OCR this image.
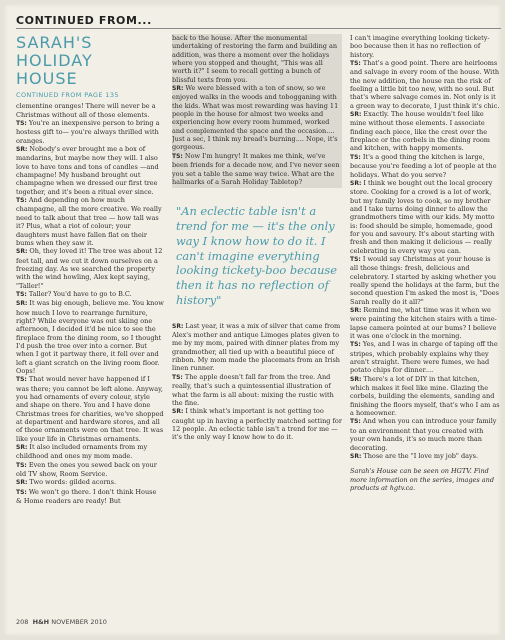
CONTINUED FROM...
SARAH'S
HOLIDAY
HOUSE
CONTINUED FROM PAGE 135
clementine oranges! There will never be a Christmas without all of those elements.
TS: You're an inexpensive person to bring a hostess gift to— you're always thrilled with oranges.
SR: Nobody's ever brought me a box of mandarins, but maybe now they will. I also love to have tons and tons of candles —and champagne! My husband brought out champagne when we dressed our first tree together, and it's been a ritual ever since.
TS: And depending on how much champagne, all the more creative. We really need to talk about that tree — how tall was it? Plus, what a riot of colour; your daughters must have fallen flat on their bums when they saw it.
SR: Oh, they loved it! The tree was about 12 feet tall, and we cut it down ourselves on a freezing day. As we searched the property with the wind howling, Alex kept saying, "Taller!"
TS: Taller? You'd have to go to B.C.
SR: It was big enough, believe me. You know how much I love to rearrange furniture, right? While everyone was out skiing one afternoon, I decided it'd be nice to see the fireplace from the dining room, so I thought I'd push the tree over into a corner. But when I got it partway there, it fell over and left a giant scratch on the living room floor. Oops!
TS: That would never have happened if I was there; you cannot be left alone. Anyway, you had ornaments of every colour, style and shape on there. You and I have done Christmas trees for charities, we've shopped at department and hardware stores, and all of those ornaments were on that tree. It was like your life in Christmas ornaments.
SR: It also included ornaments from my childhood and ones my mom made.
TS: Even the ones you sewed back on your old TV show, Room Service.
SR: Two words: gilded acorns.
TS: We won't go there. I don't think House & Home readers are ready! But
back to the house. After the monumental undertaking of restoring the farm and building an addition, was there a moment over the holidays where you stopped and thought, "This was all worth it?" I seem to recall getting a bunch of blissful texts from you.
SR: We were blessed with a ton of snow, so we enjoyed walks in the woods and tobogganing with the kids. What was most rewarding was having 11 people in the house for almost two weeks and experiencing how every room hummed, worked and complemented the space and the occasion.... Just a sec, I think my bread's burning.... Nope, it's gorgeous.
TS: Now I'm hungry! It makes me think, we've been friends for a decade now, and I've never seen you set a table the same way twice. What are the hallmarks of a Sarah Holiday Tabletop?
"An eclectic table isn't a trend for me — it's the only way I know how to do it. I can't imagine everything looking tickety-boo because then it has no reflection of history"
SR: Last year, it was a mix of silver that came from Alex's mother and antique Limoges plates given to me by my mom, paired with dinner plates from my grandmother, all tied up with a beautiful piece of ribbon. My mom made the placemats from an Irish linen runner.
TS: The apple doesn't fall far from the tree. And really, that's such a quintessential illustration of what the farm is all about: mixing the rustic with the fine.
SR: I think what's important is not getting too caught up in having a perfectly matched setting for 12 people. An eclectic table isn't a trend for me — it's the only way I know how to do it.
I can't imagine everything looking tickety-boo because then it has no reflection of history.
TS: That's a good point. There are heirlooms and salvage in every room of the house. With the new addition, the house ran the risk of feeling a little bit too new, with no soul. But that's where salvage comes in. Not only is it a green way to decorate, I just think it's chic.
SR: Exactly. The house wouldn't feel like mine without those elements. I associate finding each piece, like the crest over the fireplace or the corbels in the dining room and kitchen, with happy moments.
TS: It's a good thing the kitchen is large, because you're feeding a lot of people at the holidays. What do you serve?
SR: I think we bought out the local grocery store. Cooking for a crowd is a lot of work, but my family loves to cook, so my brother and I take turns doing dinner to allow the grandmothers time with our kids. My motto is: food should be simple, homemade, good for you and savoury. It's about starting with fresh and then making it delicious — really celebrating in every way you can.
TS: I would say Christmas at your house is all those things: fresh, delicious and celebratory. I started by asking whether you really spend the holidays at the farm, but the second question I'm asked the most is, "Does Sarah really do it all?"
SR: Remind me, what time was it when we were painting the kitchen stairs with a time-lapse camera pointed at our bums? I believe it was one o'clock in the morning.
TS: Yes, and I was in charge of taping off the stripes, which probably explains why they aren't straight. There were fumes, we had potato chips for dinner....
SR: There's a lot of DIY in that kitchen, which makes it feel like mine. Glazing the corbels, building the elements, sanding and finishing the floors myself, that's who I am as a homeowner.
TS: And when you can introduce your family to an environment that you created with your own hands, it's so much more than decorating.
SR: Those are the "I love my job" days.
Sarah's House can be seen on HGTV. Find more information on the series, images and products at hgtv.ca.
208 H&H NOVEMBER 2010
